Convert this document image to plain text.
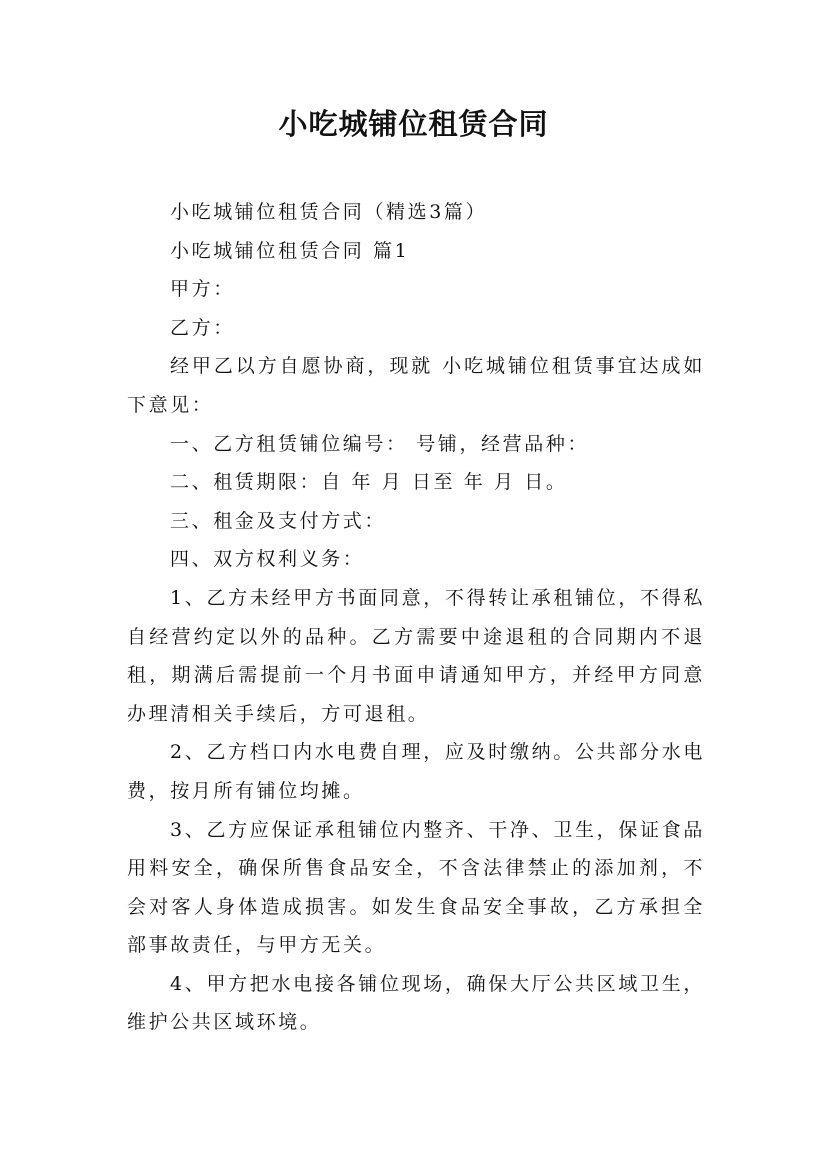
小吃城铺位租赁合同

小吃城铺位租赁合同（精选3篇）

小吃城铺位租赁合同 篇1

甲方：

乙方：

经甲乙以方自愿协商，现就 小吃城铺位租赁事宜达成如下意见：

一、乙方租赁铺位编号： 号铺，经营品种：

二、租赁期限：自 年 月 日至 年 月 日。

三、租金及支付方式：

四、双方权利义务：

1、乙方未经甲方书面同意，不得转让承租铺位，不得私自经营约定以外的品种。乙方需要中途退租的合同期内不退租，期满后需提前一个月书面申请通知甲方，并经甲方同意办理清相关手续后，方可退租。

2、乙方档口内水电费自理，应及时缴纳。公共部分水电费，按月所有铺位均摊。

3、乙方应保证承租铺位内整齐、干净、卫生，保证食品用料安全，确保所售食品安全，不含法律禁止的添加剂，不会对客人身体造成损害。如发生食品安全事故，乙方承担全部事故责任，与甲方无关。

4、甲方把水电接各铺位现场，确保大厅公共区域卫生，维护公共区域环境。
